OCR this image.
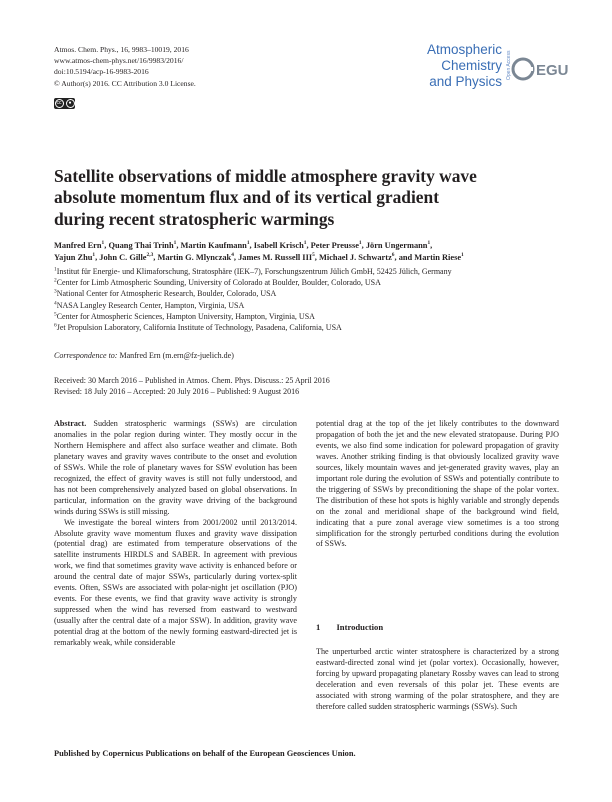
Atmos. Chem. Phys., 16, 9983–10019, 2016
www.atmos-chem-phys.net/16/9983/2016/
doi:10.5194/acp-16-9983-2016
© Author(s) 2016. CC Attribution 3.0 License.
cc	●
Atmospheric
Chemistry
and Physics
Open Access EGU
Satellite observations of middle atmosphere gravity wave
absolute momentum flux and of its vertical gradient
during recent stratospheric warmings
Manfred Ern$^1$, Quang Thai Trinh$^1$, Martin Kaufmann$^1$, Isabell Krisch$^1$, Peter Preusse$^1$, Jörn Ungermann$^1$,
Yajun Zhu$^1$, John C. Gille$^{2,3}$, Martin G. Mlynczak$^4$, James M. Russell III$^5$, Michael J. Schwartz$^6$, and Martin Riese$^1$
$^1$Institut für Energie- und Klimaforschung, Stratosphäre (IEK–7), Forschungszentrum Jülich GmbH, 52425 Jülich, Germany
$^2$Center for Limb Atmospheric Sounding, University of Colorado at Boulder, Boulder, Colorado, USA
$^3$National Center for Atmospheric Research, Boulder, Colorado, USA
$^4$NASA Langley Research Center, Hampton, Virginia, USA
$^5$Center for Atmospheric Sciences, Hampton University, Hampton, Virginia, USA
$^6$Jet Propulsion Laboratory, California Institute of Technology, Pasadena, California, USA
Correspondence to: Manfred Ern (m.ern@fz-juelich.de)
Received: 30 March 2016 – Published in Atmos. Chem. Phys. Discuss.: 25 April 2016
Revised: 18 July 2016 – Accepted: 20 July 2016 – Published: 9 August 2016

Abstract. Sudden stratospheric warmings (SSWs) are circulation anomalies in the polar region during winter. They mostly occur in the Northern Hemisphere and affect also surface weather and climate. Both planetary waves and gravity waves contribute to the onset and evolution of SSWs. While the role of planetary waves for SSW evolution has been recognized, the effect of gravity waves is still not fully understood, and has not been comprehensively analyzed based on global observations. In particular, information on the gravity wave driving of the background winds during SSWs is still missing.

We investigate the boreal winters from 2001/2002 until 2013/2014. Absolute gravity wave momentum fluxes and gravity wave dissipation (potential drag) are estimated from temperature observations of the satellite instruments HIRDLS and SABER. In agreement with previous work, we find that sometimes gravity wave activity is enhanced before or around the central date of major SSWs, particularly during vortex-split events. Often, SSWs are associated with polar-night jet oscillation (PJO) events. For these events, we find that gravity wave activity is strongly suppressed when the wind has reversed from eastward to westward (usually after the central date of a major SSW). In addition, gravity wave potential drag at the bottom of the newly forming eastward-directed jet is remarkably weak, while considerable

potential drag at the top of the jet likely contributes to the downward propagation of both the jet and the new elevated stratopause. During PJO events, we also find some indication for poleward propagation of gravity waves. Another striking finding is that obviously localized gravity wave sources, likely mountain waves and jet-generated gravity waves, play an important role during the evolution of SSWs and potentially contribute to the triggering of SSWs by preconditioning the shape of the polar vortex. The distribution of these hot spots is highly variable and strongly depends on the zonal and meridional shape of the background wind field, indicating that a pure zonal average view sometimes is a too strong simplification for the strongly perturbed conditions during the evolution of SSWs.

1 Introduction

The unperturbed arctic winter stratosphere is characterized by a strong eastward-directed zonal wind jet (polar vortex). Occasionally, however, forcing by upward propagating planetary Rossby waves can lead to strong deceleration and even reversals of this polar jet. These events are associated with strong warming of the polar stratosphere, and they are therefore called sudden stratospheric warmings (SSWs). Such

Published by Copernicus Publications on behalf of the European Geosciences Union.
